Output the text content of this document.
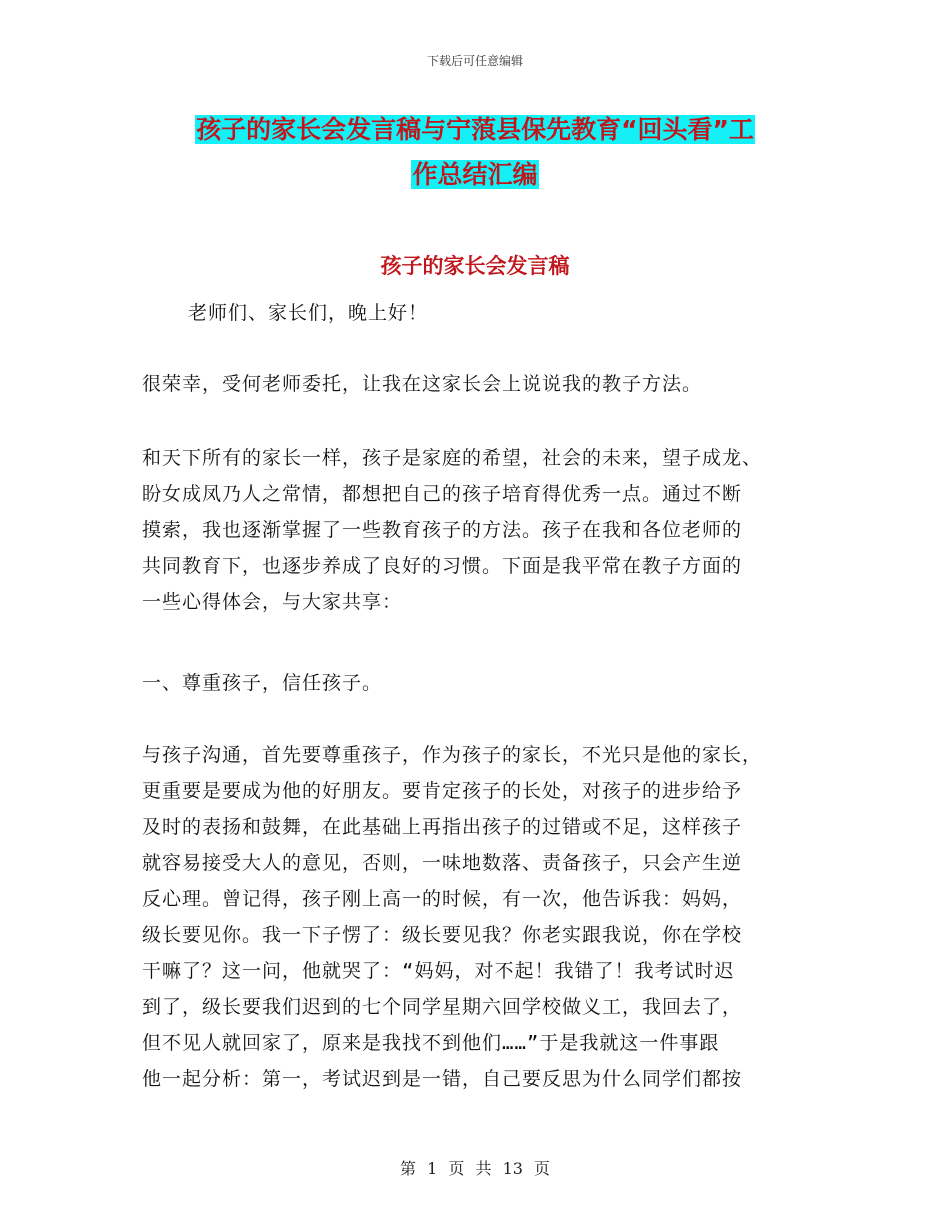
下载后可任意编辑
孩子的家长会发言稿与宁蒗县保先教育“回头看”工
作总结汇编
孩子的家长会发言稿

老师们、家长们，晚上好！

很荣幸，受何老师委托，让我在这家长会上说说我的教子方法。

和天下所有的家长一样，孩子是家庭的希望，社会的未来，望子成龙、

盼女成凤乃人之常情，都想把自己的孩子培育得优秀一点。通过不断

摸索，我也逐渐掌握了一些教育孩子的方法。孩子在我和各位老师的

共同教育下，也逐步养成了良好的习惯。下面是我平常在教子方面的

一些心得体会，与大家共享：

一、尊重孩子，信任孩子。

与孩子沟通，首先要尊重孩子，作为孩子的家长，不光只是他的家长，

更重要是要成为他的好朋友。要肯定孩子的长处，对孩子的进步给予

及时的表扬和鼓舞，在此基础上再指出孩子的过错或不足，这样孩子

就容易接受大人的意见，否则，一味地数落、责备孩子，只会产生逆

反心理。曾记得，孩子刚上高一的时候，有一次，他告诉我：妈妈，

级长要见你。我一下子愣了：级长要见我？你老实跟我说，你在学校

干嘛了？这一问，他就哭了：“妈妈，对不起！我错了！我考试时迟

到了，级长要我们迟到的七个同学星期六回学校做义工，我回去了，

但不见人就回家了，原来是我找不到他们……”于是我就这一件事跟

他一起分析：第一，考试迟到是一错，自己要反思为什么同学们都按

第 1 页 共 13 页
